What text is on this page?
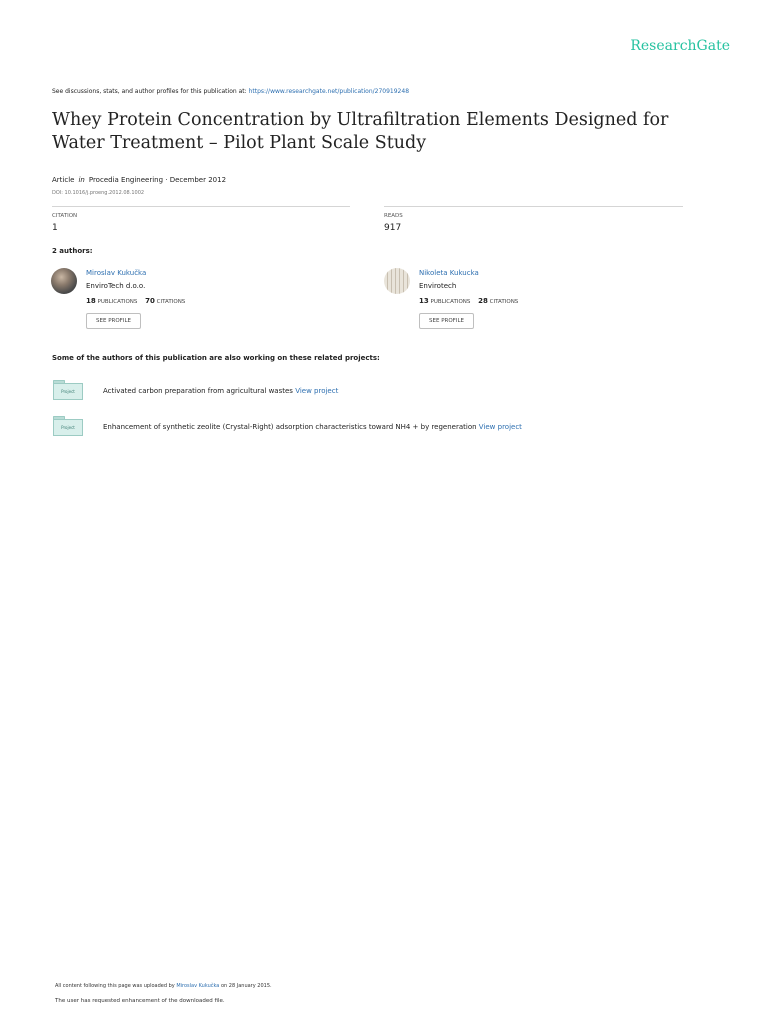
ResearchGate
See discussions, stats, and author profiles for this publication at: https://www.researchgate.net/publication/270919248
Whey Protein Concentration by Ultrafiltration Elements Designed for Water Treatment – Pilot Plant Scale Study
Article in Procedia Engineering · December 2012
DOI: 10.1016/j.proeng.2012.08.1002
CITATION
1
READS
917
2 authors:
Miroslav Kukučka
EnviroTech d.o.o.
18 PUBLICATIONS 70 CITATIONS
SEE PROFILE
Nikoleta Kukucka
Envirotech
13 PUBLICATIONS 28 CITATIONS
SEE PROFILE
Some of the authors of this publication are also working on these related projects:
Project	Activated carbon preparation from agricultural wastes View project
Project	Enhancement of synthetic zeolite (Crystal-Right) adsorption characteristics toward NH4 + by regeneration View project
All content following this page was uploaded by Miroslav Kukučka on 28 January 2015.
The user has requested enhancement of the downloaded file.
